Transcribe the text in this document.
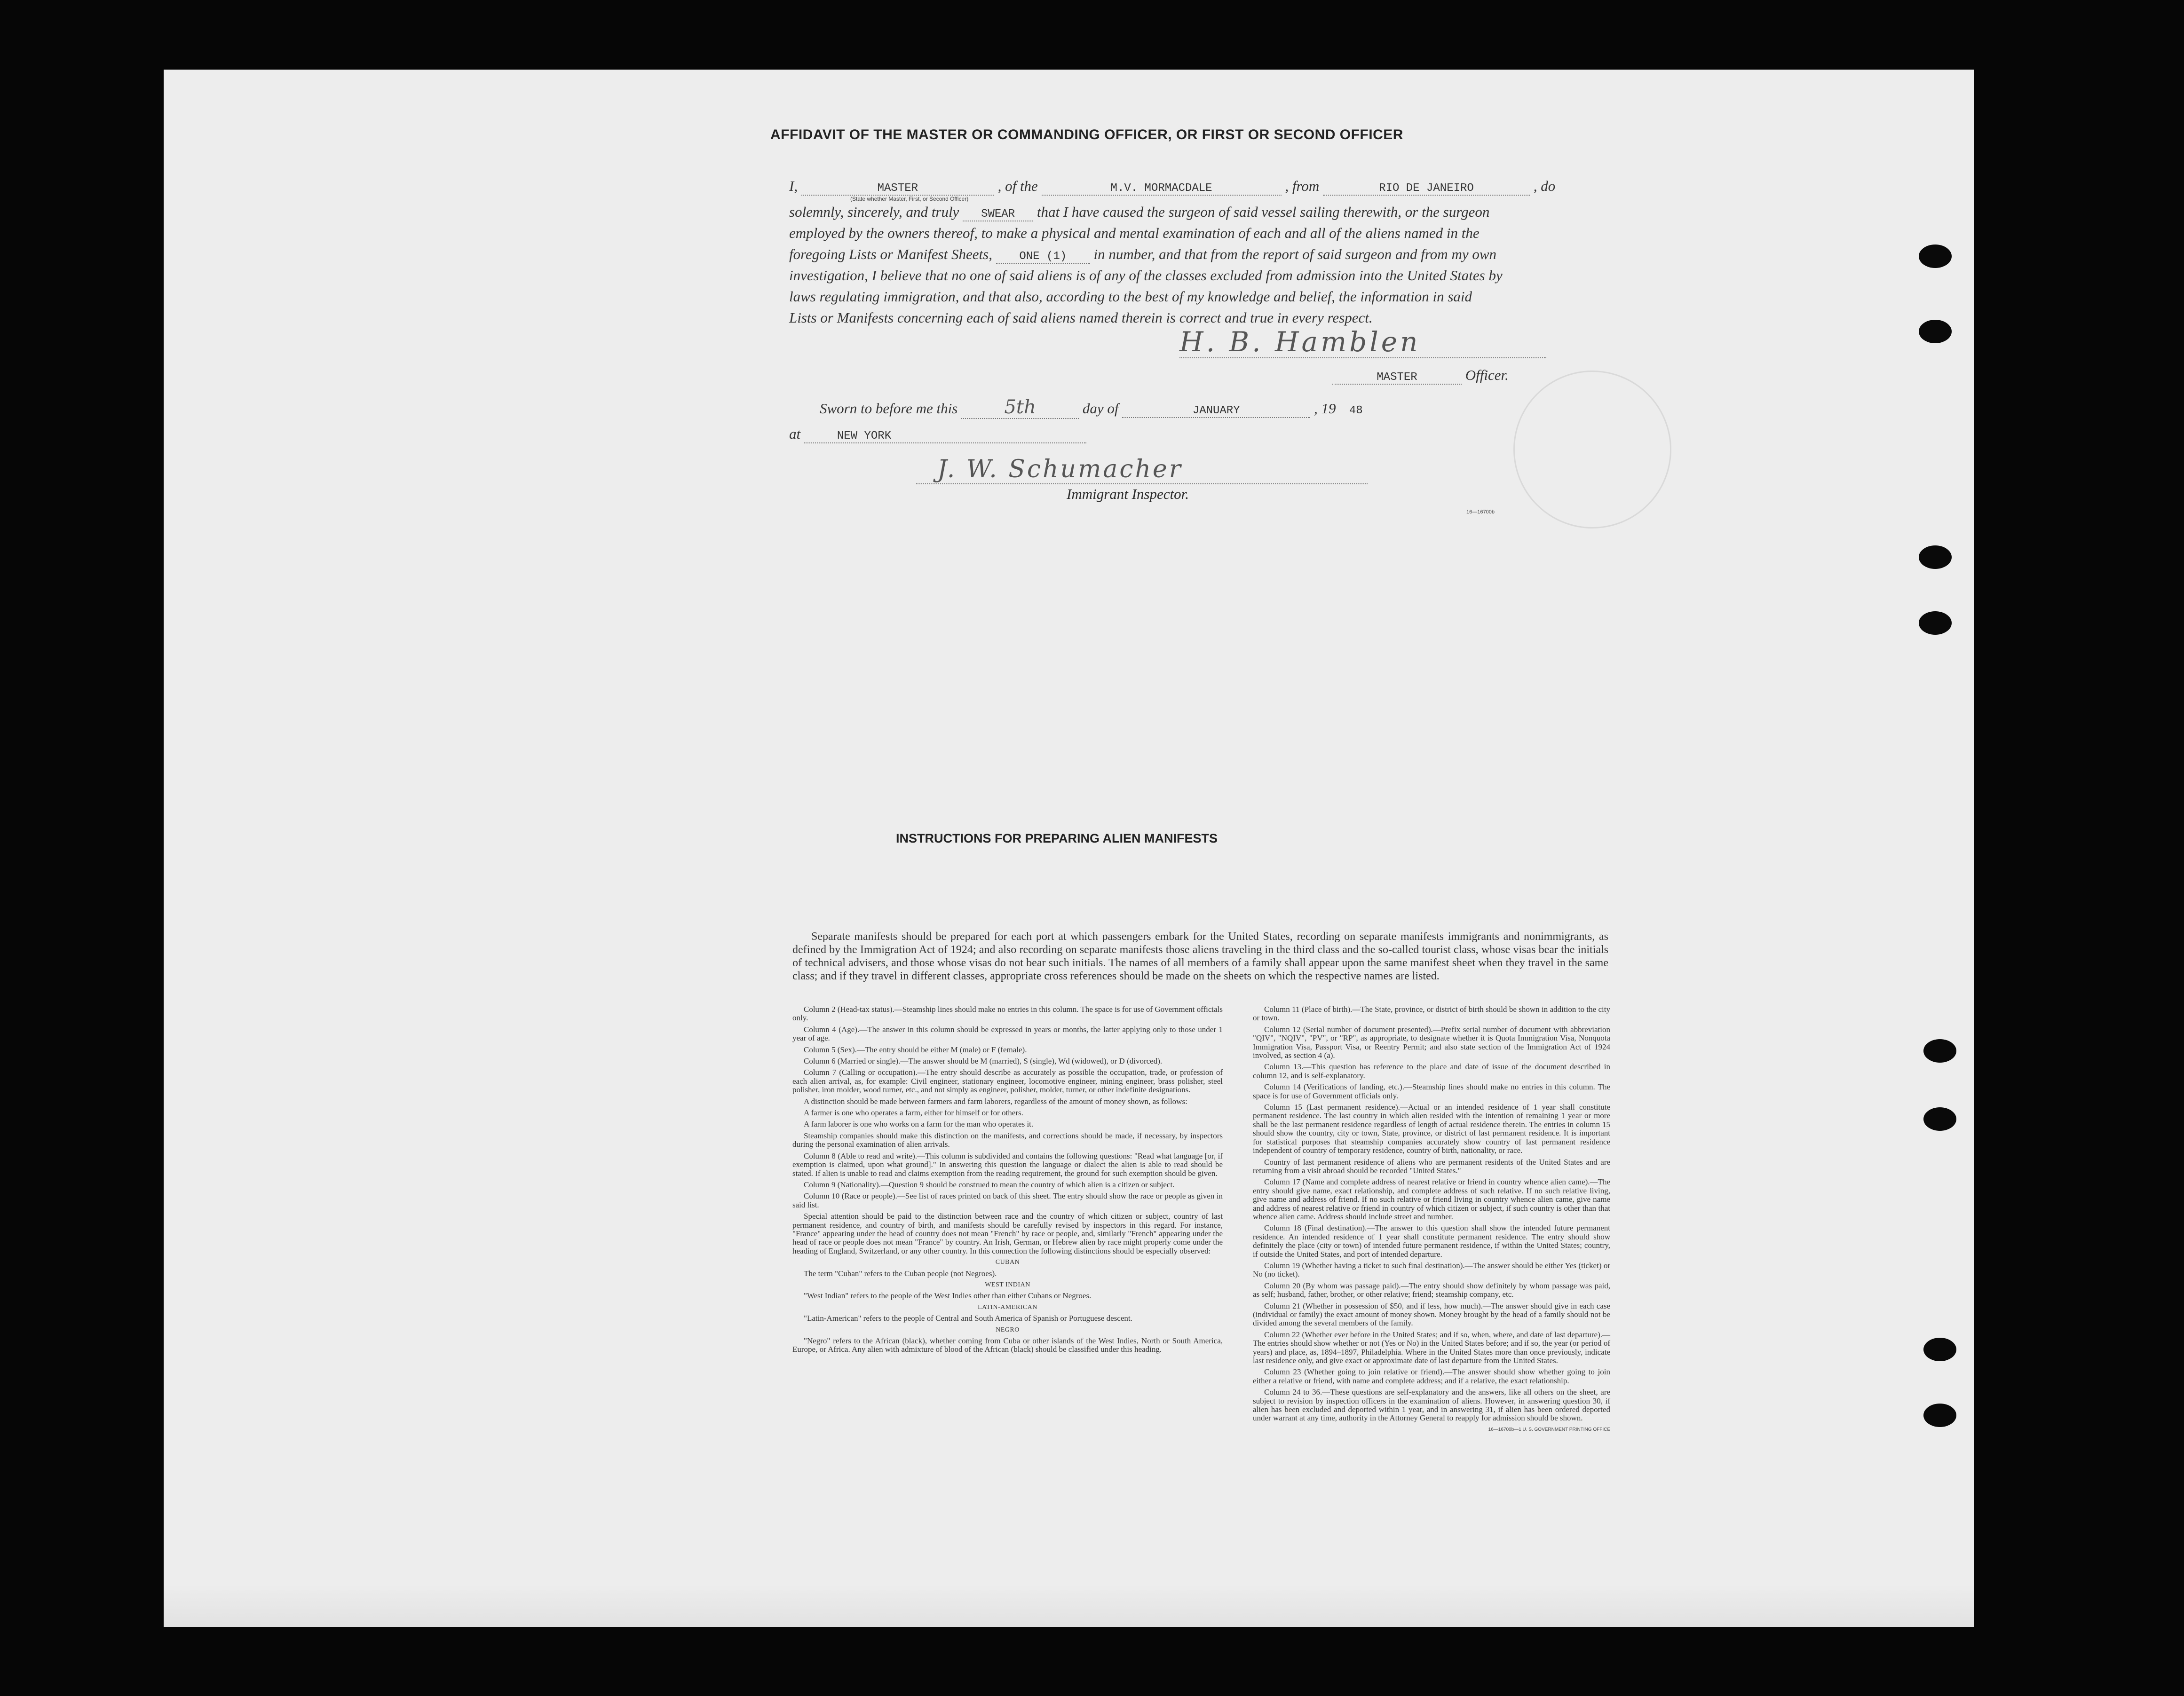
AFFIDAVIT OF THE MASTER OR COMMANDING OFFICER, OR FIRST OR SECOND OFFICER
I,	MASTER	, of the	M.V. MORMACDALE	, from	RIO DE JANEIRO	, do
(State whether Master, First, or Second Officer)
solemnly, sincerely, and truly SWEAR that I have caused the surgeon of said vessel sailing therewith, or the surgeon
employed by the owners thereof, to make a physical and mental examination of each and all of the aliens named in the
foregoing Lists or Manifest Sheets, ONE (1) in number, and that from the report of said surgeon and from my own
investigation, I believe that no one of said aliens is of any of the classes excluded from admission into the United States by
laws regulating immigration, and that also, according to the best of my knowledge and belief, the information in said
Lists or Manifests concerning each of said aliens named therein is correct and true in every respect.
H. B. Hamblen
MASTER	Officer.
Sworn to before me this 5th	day of	JANUARY	, 19 48
at	NEW YORK
J. W. Schumacher
Immigrant Inspector.
16—16700b
INSTRUCTIONS FOR PREPARING ALIEN MANIFESTS
Separate manifests should be prepared for each port at which passengers embark for the United States, recording on separate manifests immigrants and nonimmigrants, as defined by the Immigration Act of 1924; and also recording on separate manifests those aliens traveling in the third class and the so-called tourist class, whose visas bear the initials of technical advisers, and those whose visas do not bear such initials. The names of all members of a family shall appear upon the same manifest sheet when they travel in the same class; and if they travel in different classes, appropriate cross references should be made on the sheets on which the respective names are listed.

Column 2 (Head-tax status).—Steamship lines should make no entries in this column. The space is for use of Government officials only.

Column 4 (Age).—The answer in this column should be expressed in years or months, the latter applying only to those under 1 year of age.

Column 5 (Sex).—The entry should be either M (male) or F (female).

Column 6 (Married or single).—The answer should be M (married), S (single), Wd (widowed), or D (divorced).

Column 7 (Calling or occupation).—The entry should describe as accurately as possible the occupation, trade, or profession of each alien arrival, as, for example: Civil engineer, stationary engineer, locomotive engineer, mining engineer, brass polisher, steel polisher, iron molder, wood turner, etc., and not simply as engineer, polisher, molder, turner, or other indefinite designations.

A distinction should be made between farmers and farm laborers, regardless of the amount of money shown, as follows:

A farmer is one who operates a farm, either for himself or for others.

A farm laborer is one who works on a farm for the man who operates it.

Steamship companies should make this distinction on the manifests, and corrections should be made, if necessary, by inspectors during the personal examination of alien arrivals.

Column 8 (Able to read and write).—This column is subdivided and contains the following questions: "Read what language [or, if exemption is claimed, upon what ground]." In answering this question the language or dialect the alien is able to read should be stated. If alien is unable to read and claims exemption from the reading requirement, the ground for such exemption should be given.

Column 9 (Nationality).—Question 9 should be construed to mean the country of which alien is a citizen or subject.

Column 10 (Race or people).—See list of races printed on back of this sheet. The entry should show the race or people as given in said list.

Special attention should be paid to the distinction between race and the country of which citizen or subject, country of last permanent residence, and country of birth, and manifests should be carefully revised by inspectors in this regard. For instance, "France" appearing under the head of country does not mean "French" by race or people, and, similarly "French" appearing under the head of race or people does not mean "France" by country. An Irish, German, or Hebrew alien by race might properly come under the heading of England, Switzerland, or any other country. In this connection the following distinctions should be especially observed:

CUBAN

The term "Cuban" refers to the Cuban people (not Negroes).

WEST INDIAN

"West Indian" refers to the people of the West Indies other than either Cubans or Negroes.

LATIN-AMERICAN

"Latin-American" refers to the people of Central and South America of Spanish or Portuguese descent.

NEGRO

"Negro" refers to the African (black), whether coming from Cuba or other islands of the West Indies, North or South America, Europe, or Africa. Any alien with admixture of blood of the African (black) should be classified under this heading.

Column 11 (Place of birth).—The State, province, or district of birth should be shown in addition to the city or town.

Column 12 (Serial number of document presented).—Prefix serial number of document with abbreviation "QIV", "NQIV", "PV", or "RP", as appropriate, to designate whether it is Quota Immigration Visa, Nonquota Immigration Visa, Passport Visa, or Reentry Permit; and also state section of the Immigration Act of 1924 involved, as section 4 (a).

Column 13.—This question has reference to the place and date of issue of the document described in column 12, and is self-explanatory.

Column 14 (Verifications of landing, etc.).—Steamship lines should make no entries in this column. The space is for use of Government officials only.

Column 15 (Last permanent residence).—Actual or an intended residence of 1 year shall constitute permanent residence. The last country in which alien resided with the intention of remaining 1 year or more shall be the last permanent residence regardless of length of actual residence therein. The entries in column 15 should show the country, city or town, State, province, or district of last permanent residence. It is important for statistical purposes that steamship companies accurately show country of last permanent residence independent of country of temporary residence, country of birth, nationality, or race.

Country of last permanent residence of aliens who are permanent residents of the United States and are returning from a visit abroad should be recorded "United States."

Column 17 (Name and complete address of nearest relative or friend in country whence alien came).—The entry should give name, exact relationship, and complete address of such relative. If no such relative living, give name and address of friend. If no such relative or friend living in country whence alien came, give name and address of nearest relative or friend in country of which citizen or subject, if such country is other than that whence alien came. Address should include street and number.

Column 18 (Final destination).—The answer to this question shall show the intended future permanent residence. An intended residence of 1 year shall constitute permanent residence. The entry should show definitely the place (city or town) of intended future permanent residence, if within the United States; country, if outside the United States, and port of intended departure.

Column 19 (Whether having a ticket to such final destination).—The answer should be either Yes (ticket) or No (no ticket).

Column 20 (By whom was passage paid).—The entry should show definitely by whom passage was paid, as self; husband, father, brother, or other relative; friend; steamship company, etc.

Column 21 (Whether in possession of $50, and if less, how much).—The answer should give in each case (individual or family) the exact amount of money shown. Money brought by the head of a family should not be divided among the several members of the family.

Column 22 (Whether ever before in the United States; and if so, when, where, and date of last departure).—The entries should show whether or not (Yes or No) in the United States before; and if so, the year (or period of years) and place, as, 1894–1897, Philadelphia. Where in the United States more than once previously, indicate last residence only, and give exact or approximate date of last departure from the United States.

Column 23 (Whether going to join relative or friend).—The answer should show whether going to join either a relative or friend, with name and complete address; and if a relative, the exact relationship.

Column 24 to 36.—These questions are self-explanatory and the answers, like all others on the sheet, are subject to revision by inspection officers in the examination of aliens. However, in answering question 30, if alien has been excluded and deported within 1 year, and in answering 31, if alien has been ordered deported under warrant at any time, authority in the Attorney General to reapply for admission should be shown.

16—16700b—1 U. S. GOVERNMENT PRINTING OFFICE
